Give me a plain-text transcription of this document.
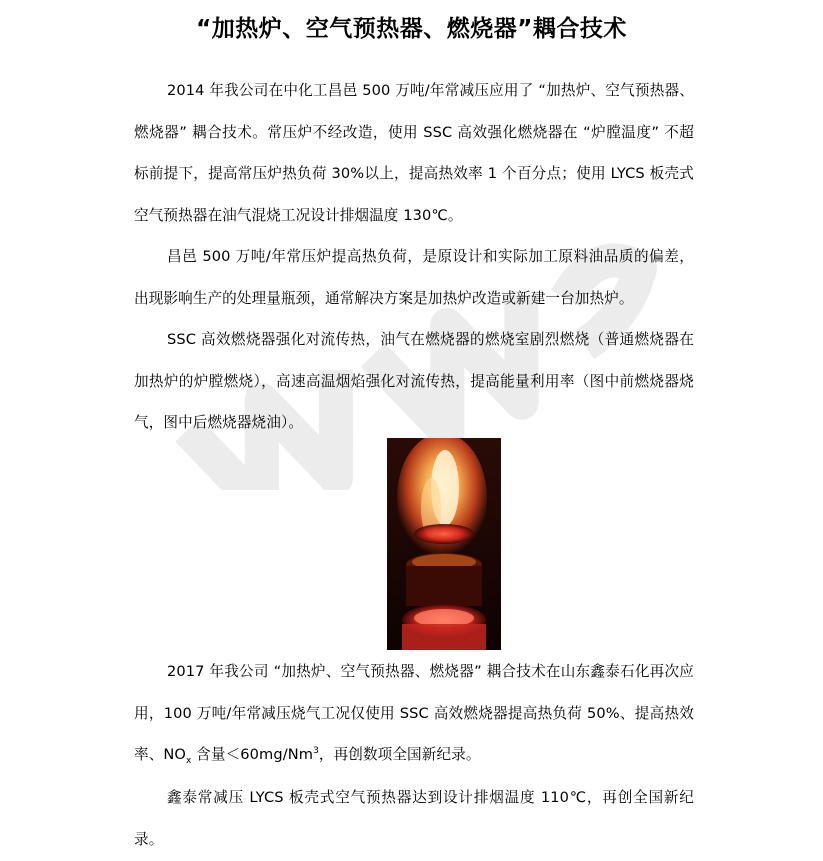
“加热炉、空气预热器、燃烧器”耦合技术

2014 年我公司在中化工昌邑 500 万吨/年常减压应用了 “加热炉、空气预热器、燃烧器” 耦合技术。常压炉不经改造，使用 SSC 高效强化燃烧器在 “炉膛温度” 不超标前提下，提高常压炉热负荷 30%以上，提高热效率 1 个百分点；使用 LYCS 板壳式空气预热器在油气混烧工况设计排烟温度 130℃。

昌邑 500 万吨/年常压炉提高热负荷，是原设计和实际加工原料油品质的偏差，出现影响生产的处理量瓶颈，通常解决方案是加热炉改造或新建一台加热炉。

SSC 高效燃烧器强化对流传热，油气在燃烧器的燃烧室剧烈燃烧（普通燃烧器在加热炉的炉膛燃烧），高速高温烟焰强化对流传热，提高能量利用率（图中前燃烧器烧气，图中后燃烧器烧油）。

2017 年我公司 “加热炉、空气预热器、燃烧器” 耦合技术在山东鑫泰石化再次应用，100 万吨/年常减压烧气工况仅使用 SSC 高效燃烧器提高热负荷 50%、提高热效率、$NO_x$ 含量$<60mg/Nm^3$，再创数项全国新纪录。

鑫泰常减压 LYCS 板壳式空气预热器达到设计排烟温度 110℃，再创全国新纪录。
